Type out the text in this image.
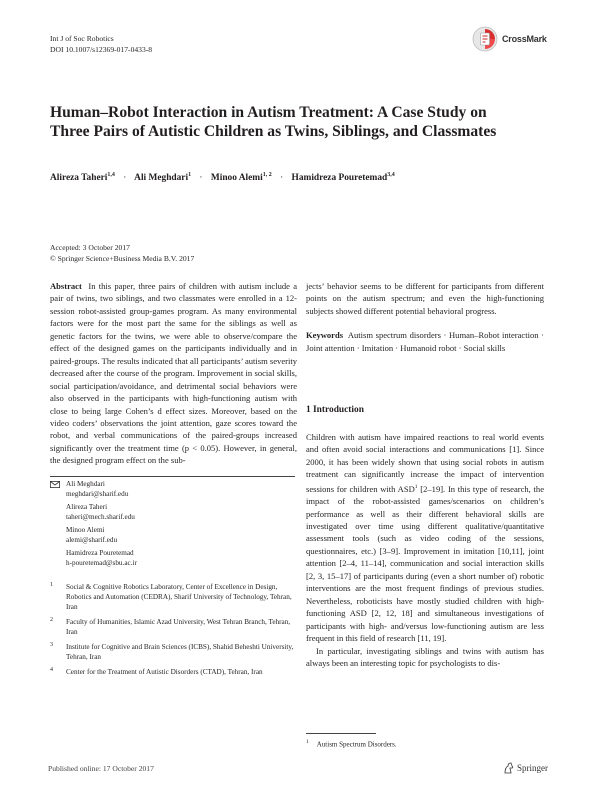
Int J of Soc Robotics
DOI 10.1007/s12369-017-0433-8
CrossMark
Human–Robot Interaction in Autism Treatment: A Case Study on Three Pairs of Autistic Children as Twins, Siblings, and Classmates
Alireza Taheri$^{1,4}$ · Ali Meghdari$^1$ · Minoo Alemi$^{1, 2}$ · Hamidreza Pouretemad$^{3,4}$
Accepted: 3 October 2017
© Springer Science+Business Media B.V. 2017
Abstract In this paper, three pairs of children with autism include a pair of twins, two siblings, and two classmates were enrolled in a 12-session robot-assisted group-games program. As many environmental factors were for the most part the same for the siblings as well as genetic factors for the twins, we were able to observe/compare the effect of the designed games on the participants individually and in paired-groups. The results indicated that all participants’ autism severity decreased after the course of the program. Improvement in social skills, social participation/avoidance, and detrimental social behaviors were also observed in the participants with high-functioning autism with close to being large Cohen’s d effect sizes. Moreover, based on the video coders’ observations the joint attention, gaze scores toward the robot, and verbal communications of the paired-groups increased significantly over the treatment time (p < 0.05). However, in general, the designed program effect on the sub-
jects’ behavior seems to be different for participants from different points on the autism spectrum; and even the high-functioning subjects showed different potential behavioral progress.
Keywords Autism spectrum disorders · Human–Robot interaction · Joint attention · Imitation · Humanoid robot · Social skills
Ali Meghdari
meghdari@sharif.edu
Alireza Taheri
taheri@mech.sharif.edu
Minoo Alemi
alemi@sharif.edu
Hamidreza Pouretemad
h-pouretemad@sbu.ac.ir
1 Social & Cognitive Robotics Laboratory, Center of Excellence in Design, Robotics and Automation (CEDRA), Sharif University of Technology, Tehran, Iran
2 Faculty of Humanities, Islamic Azad University, West Tehran Branch, Tehran, Iran
3 Institute for Cognitive and Brain Sciences (ICBS), Shahid Beheshti University, Tehran, Iran
4 Center for the Treatment of Autistic Disorders (CTAD), Tehran, Iran
1 Introduction

Children with autism have impaired reactions to real world events and often avoid social interactions and communications [1]. Since 2000, it has been widely shown that using social robots in autism treatment can significantly increase the impact of intervention sessions for children with ASD$^1$ [2–19]. In this type of research, the impact of the robot-assisted games/scenarios on children’s performance as well as their different behavioral skills are investigated over time using different qualitative/quantitative assessment tools (such as video coding of the sessions, questionnaires, etc.) [3–9]. Improvement in imitation [10,11], joint attention [2–4, 11–14], communication and social interaction skills [2, 3, 15–17] of participants during (even a short number of) robotic interventions are the most frequent findings of previous studies. Nevertheless, roboticists have mostly studied children with high-functioning ASD [2, 12, 18] and simultaneous investigations of participants with high- and/versus low-functioning autism are less frequent in this field of research [11, 19].

In particular, investigating siblings and twins with autism has always been an interesting topic for psychologists to dis-

$^1$ Autism Spectrum Disorders.
Published online: 17 October 2017	Springer
